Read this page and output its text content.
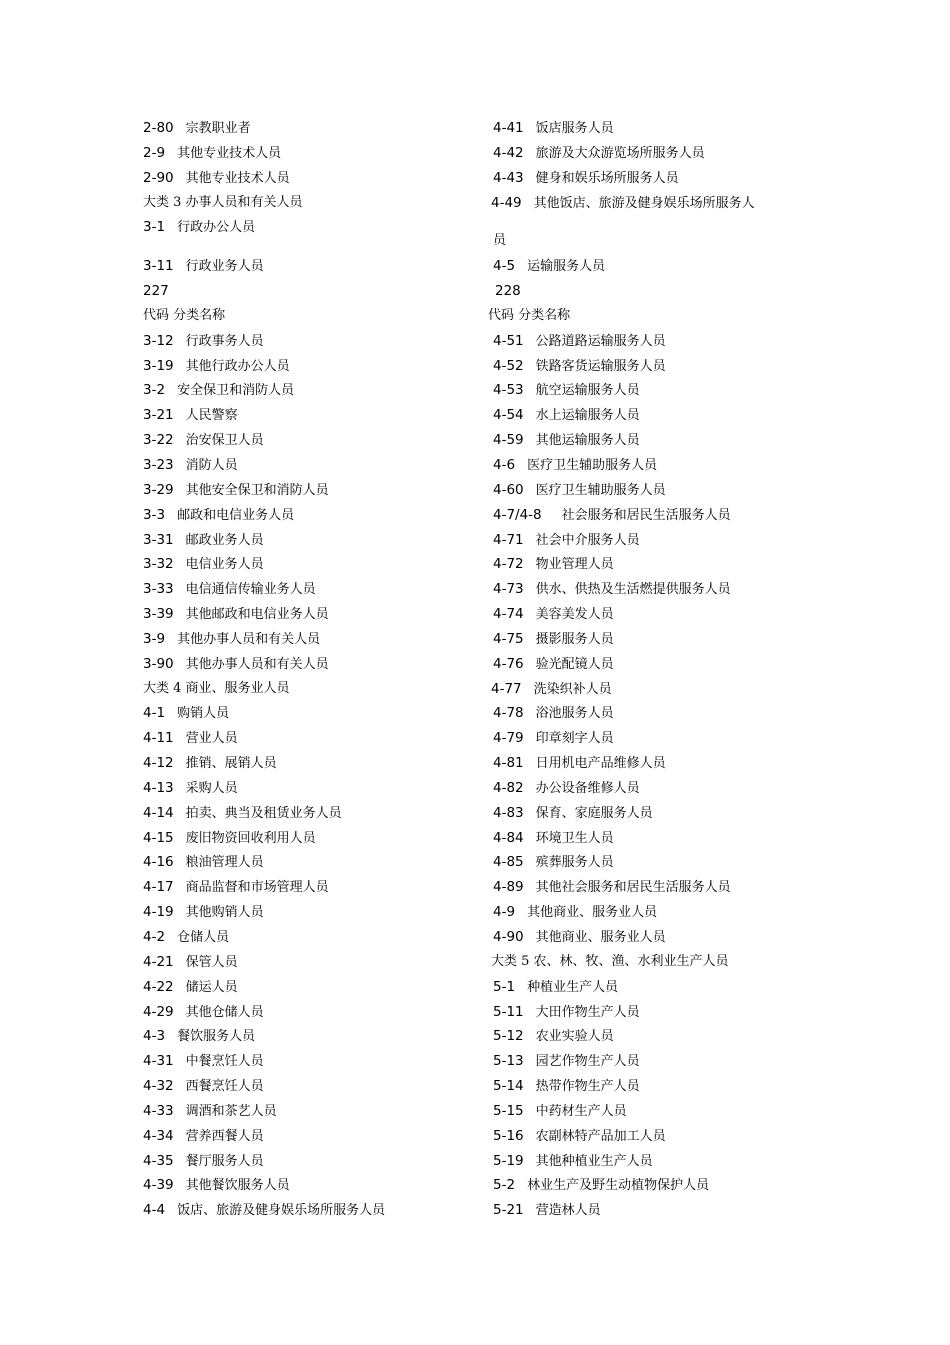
2-80 宗教职业者
2-9 其他专业技术人员
2-90 其他专业技术人员
大类 3 办事人员和有关人员
3-1 行政办公人员
3-11 行政业务人员
227
代码 分类名称
3-12 行政事务人员
3-19 其他行政办公人员
3-2 安全保卫和消防人员
3-21 人民警察
3-22 治安保卫人员
3-23 消防人员
3-29 其他安全保卫和消防人员
3-3 邮政和电信业务人员
3-31 邮政业务人员
3-32 电信业务人员
3-33 电信通信传输业务人员
3-39 其他邮政和电信业务人员
3-9 其他办事人员和有关人员
3-90 其他办事人员和有关人员
大类 4 商业、服务业人员
4-1 购销人员
4-11 营业人员
4-12 推销、展销人员
4-13 采购人员
4-14 拍卖、典当及租赁业务人员
4-15 废旧物资回收利用人员
4-16 粮油管理人员
4-17 商品监督和市场管理人员
4-19 其他购销人员
4-2 仓储人员
4-21 保管人员
4-22 储运人员
4-29 其他仓储人员
4-3 餐饮服务人员
4-31 中餐烹饪人员
4-32 西餐烹饪人员
4-33 调酒和茶艺人员
4-34 营养西餐人员
4-35 餐厅服务人员
4-39 其他餐饮服务人员
4-4 饭店、旅游及健身娱乐场所服务人员
4-41 饭店服务人员
4-42 旅游及大众游览场所服务人员
4-43 健身和娱乐场所服务人员
4-49 其他饭店、旅游及健身娱乐场所服务人
员
4-5 运输服务人员
228
代码 分类名称
4-51 公路道路运输服务人员
4-52 铁路客货运输服务人员
4-53 航空运输服务人员
4-54 水上运输服务人员
4-59 其他运输服务人员
4-6 医疗卫生辅助服务人员
4-60 医疗卫生辅助服务人员
4-7/4-8 社会服务和居民生活服务人员
4-71 社会中介服务人员
4-72 物业管理人员
4-73 供水、供热及生活燃提供服务人员
4-74 美容美发人员
4-75 摄影服务人员
4-76 验光配镜人员
4-77 洗染织补人员
4-78 浴池服务人员
4-79 印章刻字人员
4-81 日用机电产品维修人员
4-82 办公设备维修人员
4-83 保育、家庭服务人员
4-84 环境卫生人员
4-85 殡葬服务人员
4-89 其他社会服务和居民生活服务人员
4-9 其他商业、服务业人员
4-90 其他商业、服务业人员
大类 5 农、林、牧、渔、水利业生产人员
5-1 种植业生产人员
5-11 大田作物生产人员
5-12 农业实验人员
5-13 园艺作物生产人员
5-14 热带作物生产人员
5-15 中药材生产人员
5-16 农副林特产品加工人员
5-19 其他种植业生产人员
5-2 林业生产及野生动植物保护人员
5-21 营造林人员
